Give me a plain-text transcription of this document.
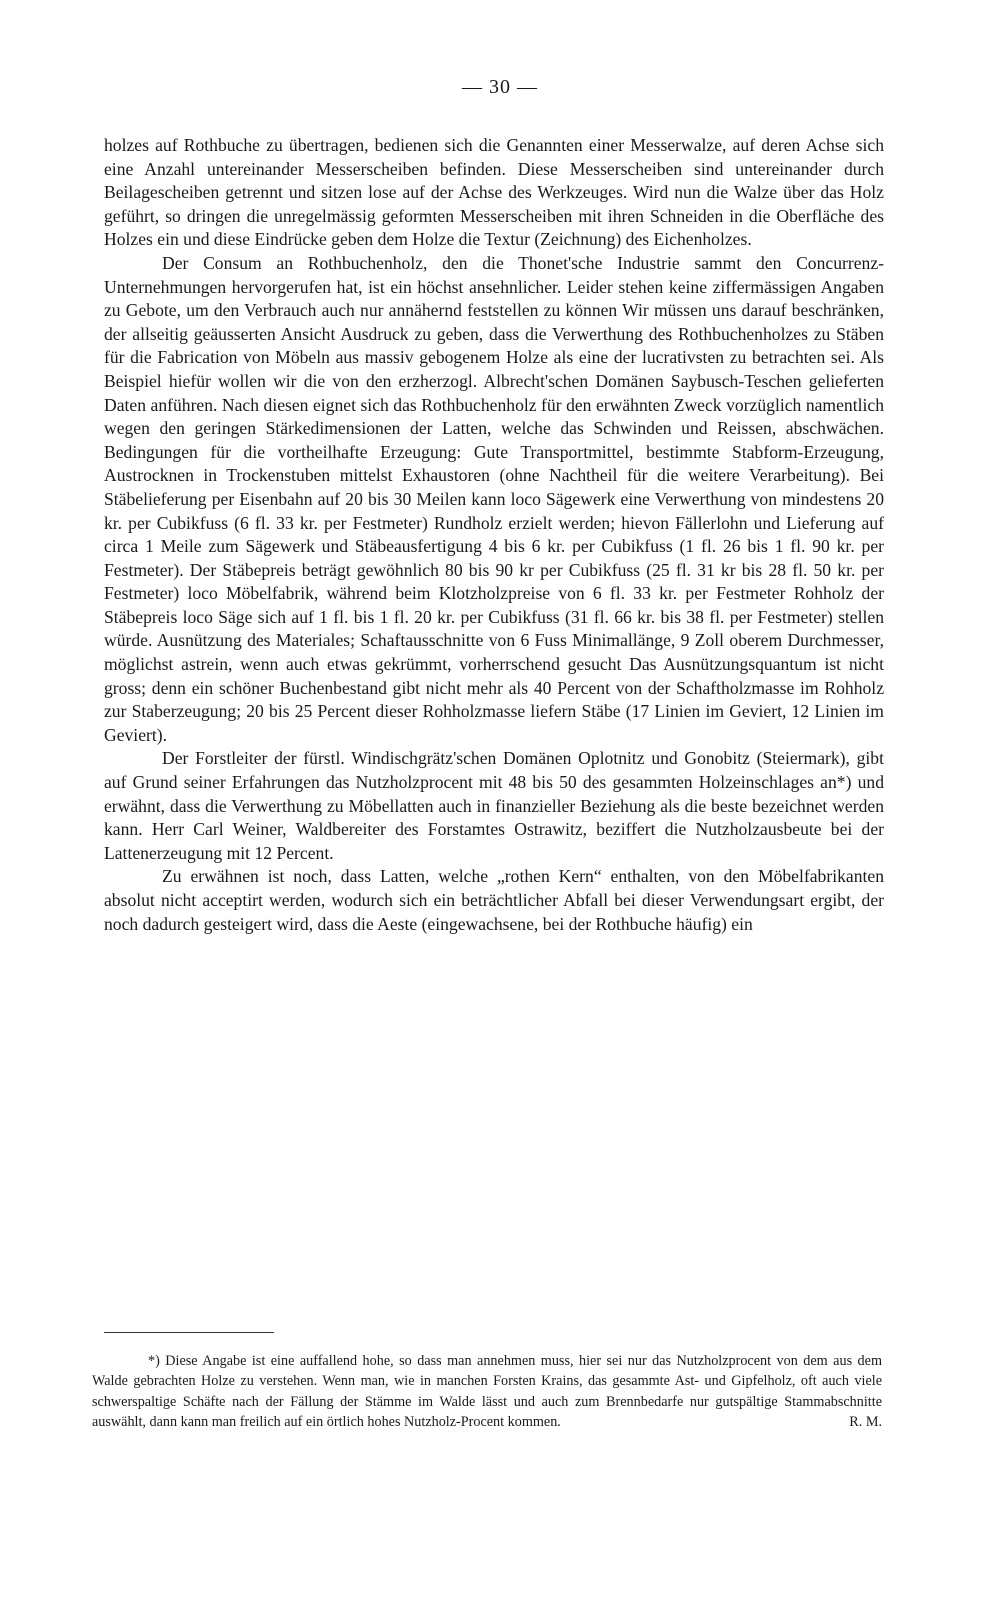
— 30 —

holzes auf Rothbuche zu übertragen, bedienen sich die Genannten einer Messerwalze, auf deren Achse sich eine Anzahl untereinander Messerscheiben befinden. Diese Messerscheiben sind untereinander durch Beilagescheiben getrennt und sitzen lose auf der Achse des Werkzeuges. Wird nun die Walze über das Holz geführt, so dringen die unregelmässig geformten Messerscheiben mit ihren Schneiden in die Oberfläche des Holzes ein und diese Eindrücke geben dem Holze die Textur (Zeichnung) des Eichenholzes.

Der Consum an Rothbuchenholz, den die Thonet'sche Industrie sammt den Concurrenz-Unternehmungen hervorgerufen hat, ist ein höchst ansehnlicher. Leider stehen keine ziffermässigen Angaben zu Gebote, um den Verbrauch auch nur annähernd feststellen zu können Wir müssen uns darauf beschränken, der allseitig geäusserten Ansicht Ausdruck zu geben, dass die Verwerthung des Rothbuchenholzes zu Stäben für die Fabrication von Möbeln aus massiv gebogenem Holze als eine der lucrativsten zu betrachten sei. Als Beispiel hiefür wollen wir die von den erzherzogl. Albrecht'schen Domänen Saybusch-Teschen gelieferten Daten anführen. Nach diesen eignet sich das Rothbuchenholz für den erwähnten Zweck vorzüglich namentlich wegen den geringen Stärkedimensionen der Latten, welche das Schwinden und Reissen, abschwächen. Bedingungen für die vortheilhafte Erzeugung: Gute Transportmittel, bestimmte Stabform-Erzeugung, Austrocknen in Trockenstuben mittelst Exhaustoren (ohne Nachtheil für die weitere Verarbeitung). Bei Stäbelieferung per Eisenbahn auf 20 bis 30 Meilen kann loco Sägewerk eine Verwerthung von mindestens 20 kr. per Cubikfuss (6 fl. 33 kr. per Festmeter) Rundholz erzielt werden; hievon Fällerlohn und Lieferung auf circa 1 Meile zum Sägewerk und Stäbeausfertigung 4 bis 6 kr. per Cubikfuss (1 fl. 26 bis 1 fl. 90 kr. per Festmeter). Der Stäbepreis beträgt gewöhnlich 80 bis 90 kr per Cubikfuss (25 fl. 31 kr bis 28 fl. 50 kr. per Festmeter) loco Möbelfabrik, während beim Klotzholzpreise von 6 fl. 33 kr. per Festmeter Rohholz der Stäbepreis loco Säge sich auf 1 fl. bis 1 fl. 20 kr. per Cubikfuss (31 fl. 66 kr. bis 38 fl. per Festmeter) stellen würde. Ausnützung des Materiales; Schaftausschnitte von 6 Fuss Minimallänge, 9 Zoll oberem Durchmesser, möglichst astrein, wenn auch etwas gekrümmt, vorherrschend gesucht Das Ausnützungsquantum ist nicht gross; denn ein schöner Buchenbestand gibt nicht mehr als 40 Percent von der Schaftholzmasse im Rohholz zur Staberzeugung; 20 bis 25 Percent dieser Rohholzmasse liefern Stäbe (17 Linien im Geviert, 12 Linien im Geviert).

Der Forstleiter der fürstl. Windischgrätz'schen Domänen Oplotnitz und Gonobitz (Steiermark), gibt auf Grund seiner Erfahrungen das Nutzholzprocent mit 48 bis 50 des gesammten Holzeinschlages an*) und erwähnt, dass die Verwerthung zu Möbellatten auch in finanzieller Beziehung als die beste bezeichnet werden kann. Herr Carl Weiner, Waldbereiter des Forstamtes Ostrawitz, beziffert die Nutzholzausbeute bei der Lattenerzeugung mit 12 Percent.

Zu erwähnen ist noch, dass Latten, welche „rothen Kern“ enthalten, von den Möbelfabrikanten absolut nicht acceptirt werden, wodurch sich ein beträchtlicher Abfall bei dieser Verwendungsart ergibt, der noch dadurch gesteigert wird, dass die Aeste (eingewachsene, bei der Rothbuche häufig) ein

*) Diese Angabe ist eine auffallend hohe, so dass man annehmen muss, hier sei nur das Nutzholzprocent von dem aus dem Walde gebrachten Holze zu verstehen. Wenn man, wie in manchen Forsten Krains, das gesammte Ast- und Gipfelholz, oft auch viele schwerspaltige Schäfte nach der Fällung der Stämme im Walde lässt und auch zum Brennbedarfe nur gutspältige Stammabschnitte auswählt, dann kann man freilich auf ein örtlich hohes Nutzholz-Procent kommen.	R. M.
